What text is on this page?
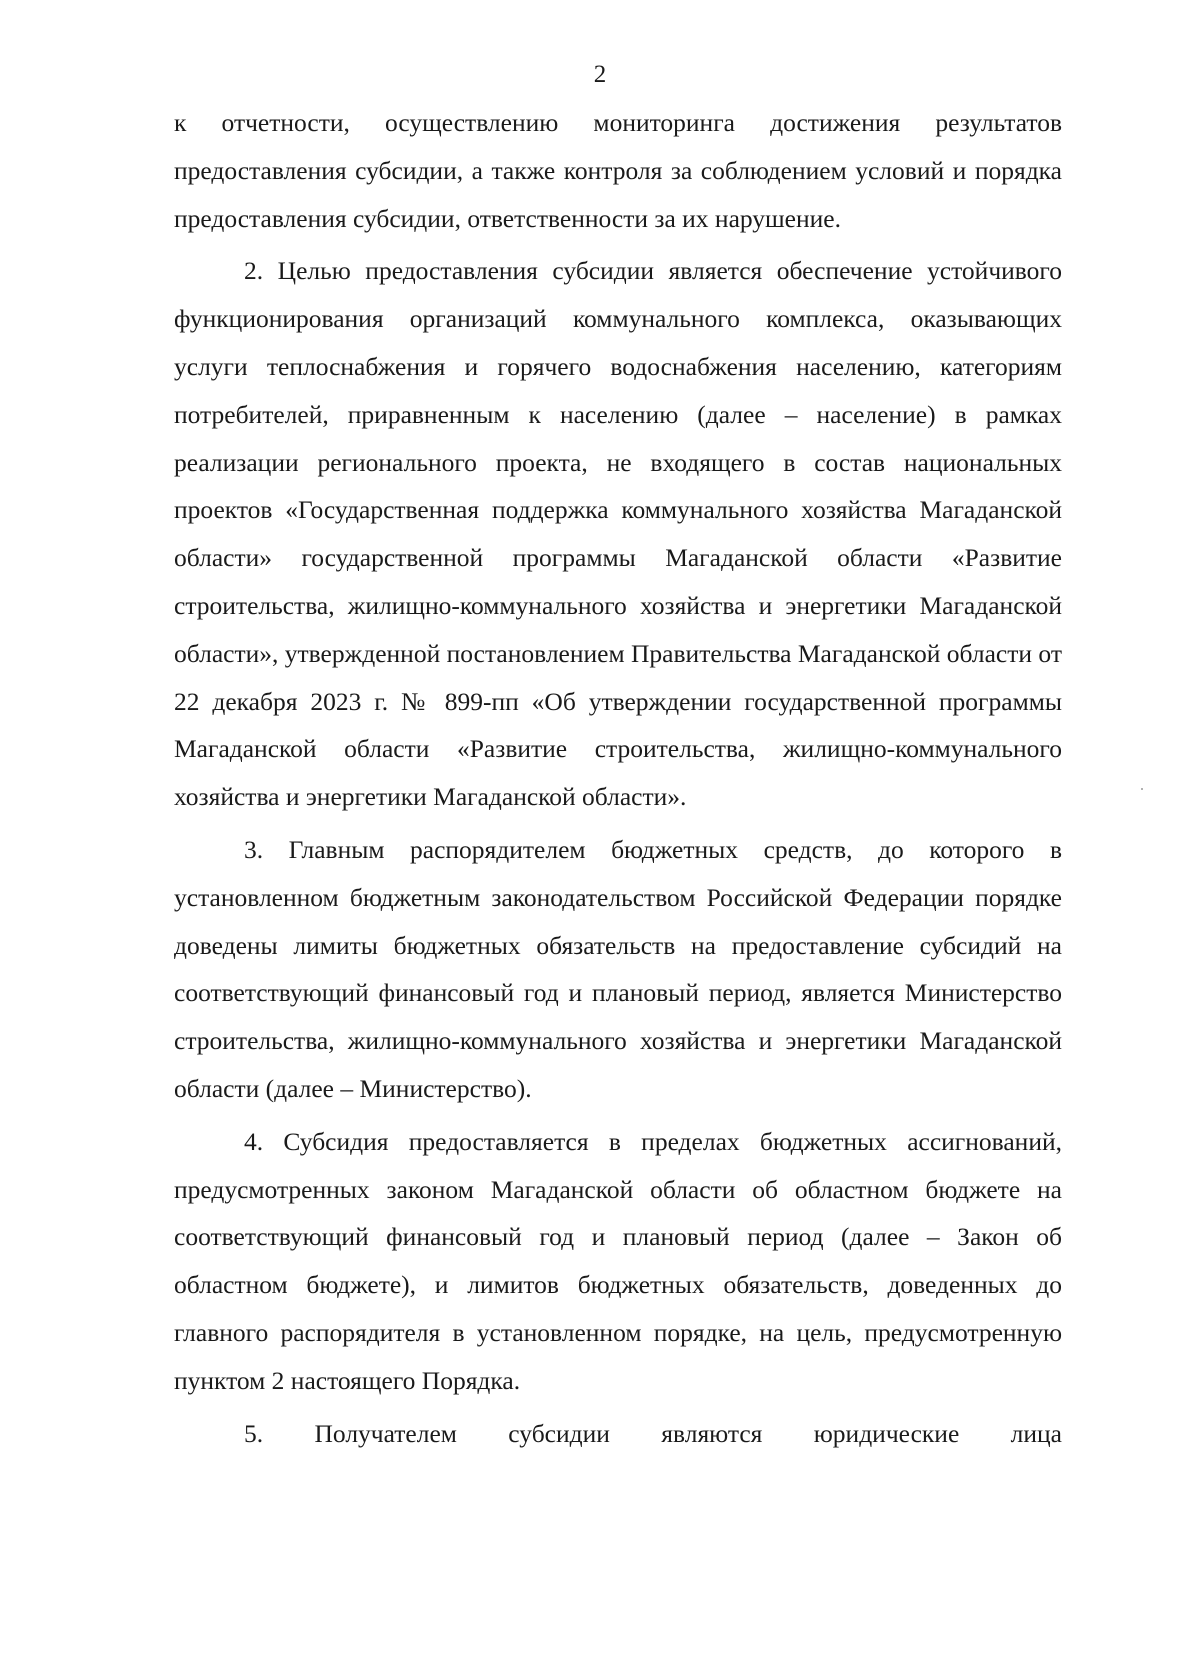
2

к отчетности, осуществлению мониторинга достижения результатов предоставления субсидии, а также контроля за соблюдением условий и порядка предоставления субсидии, ответственности за их нарушение.

2. Целью предоставления субсидии является обеспечение устойчивого функционирования организаций коммунального комплекса, оказывающих услуги теплоснабжения и горячего водоснабжения населению, категориям потребителей, приравненным к населению (далее – население) в рамках реализации регионального проекта, не входящего в состав национальных проектов «Государственная поддержка коммунального хозяйства Магаданской области» государственной программы Магаданской области «Развитие строительства, жилищно-коммунального хозяйства и энергетики Магаданской области», утвержденной постановлением Правительства Магаданской области от 22 декабря 2023 г. № 899-пп «Об утверждении государственной программы Магаданской области «Развитие строительства, жилищно-коммунального хозяйства и энергетики Магаданской области».

3. Главным распорядителем бюджетных средств, до которого в установленном бюджетным законодательством Российской Федерации порядке доведены лимиты бюджетных обязательств на предоставление субсидий на соответствующий финансовый год и плановый период, является Министерство строительства, жилищно-коммунального хозяйства и энергетики Магаданской области (далее – Министерство).

4. Субсидия предоставляется в пределах бюджетных ассигнований, предусмотренных законом Магаданской области об областном бюджете на соответствующий финансовый год и плановый период (далее – Закон об областном бюджете), и лимитов бюджетных обязательств, доведенных до главного распорядителя в установленном порядке, на цель, предусмотренную пунктом 2 настоящего Порядка.

5. Получателем субсидии являются юридические лица
